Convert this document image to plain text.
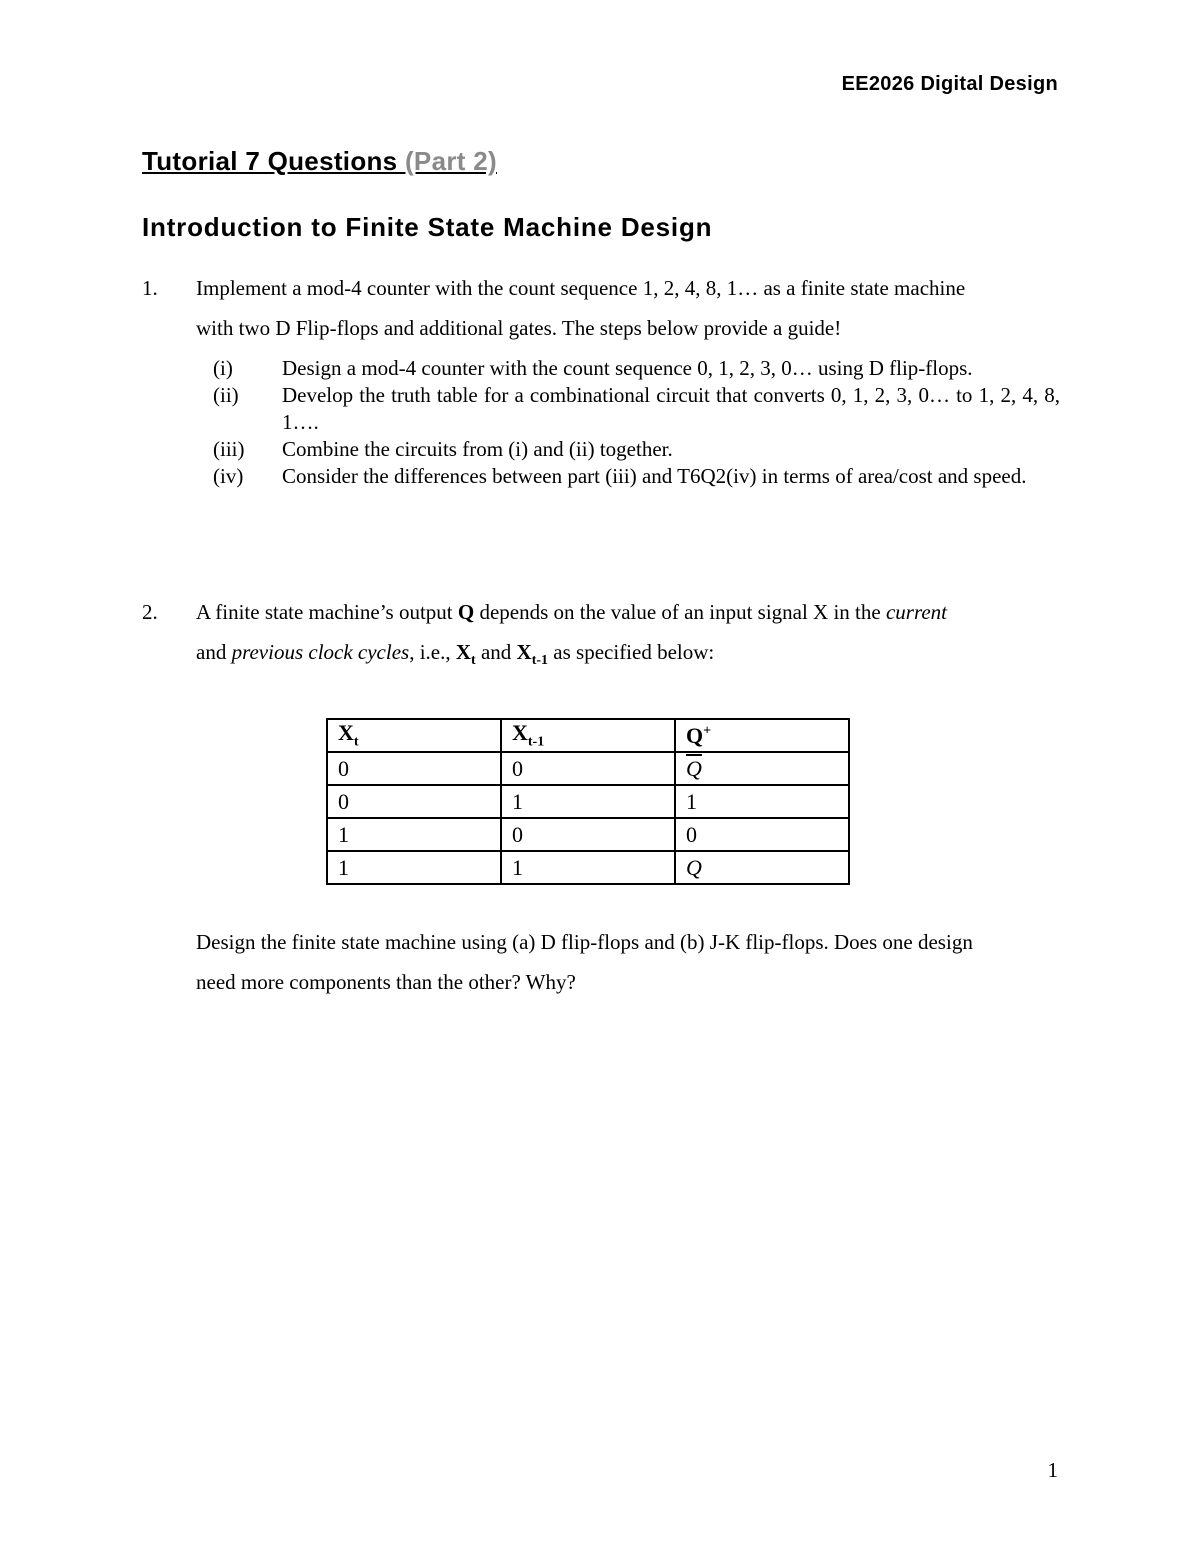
EE2026 Digital Design
Tutorial 7 Questions (Part 2)
Introduction to Finite State Machine Design
1. Implement a mod-4 counter with the count sequence 1, 2, 4, 8, 1… as a finite state machine
with two D Flip-flops and additional gates. The steps below provide a guide!
(i) Design a mod-4 counter with the count sequence 0, 1, 2, 3, 0… using D flip-flops.
(ii) Develop the truth table for a combinational circuit that converts 0, 1, 2, 3, 0… to 1, 2, 4, 8, 1….
(iii) Combine the circuits from (i) and (ii) together.
(iv) Consider the differences between part (iii) and T6Q2(iv) in terms of area/cost and speed.
2. A finite state machine’s output Q depends on the value of an input signal X in the current
and previous clock cycles, i.e., $X_t$ and $X_{t-1}$ as specified below:
$X_t$	$X_{t-1}$	Q+
0	0	$\overline{Q}$
0	1	1
1	0	0
1	1	Q
Design the finite state machine using (a) D flip-flops and (b) J-K flip-flops. Does one design
need more components than the other? Why?
1
